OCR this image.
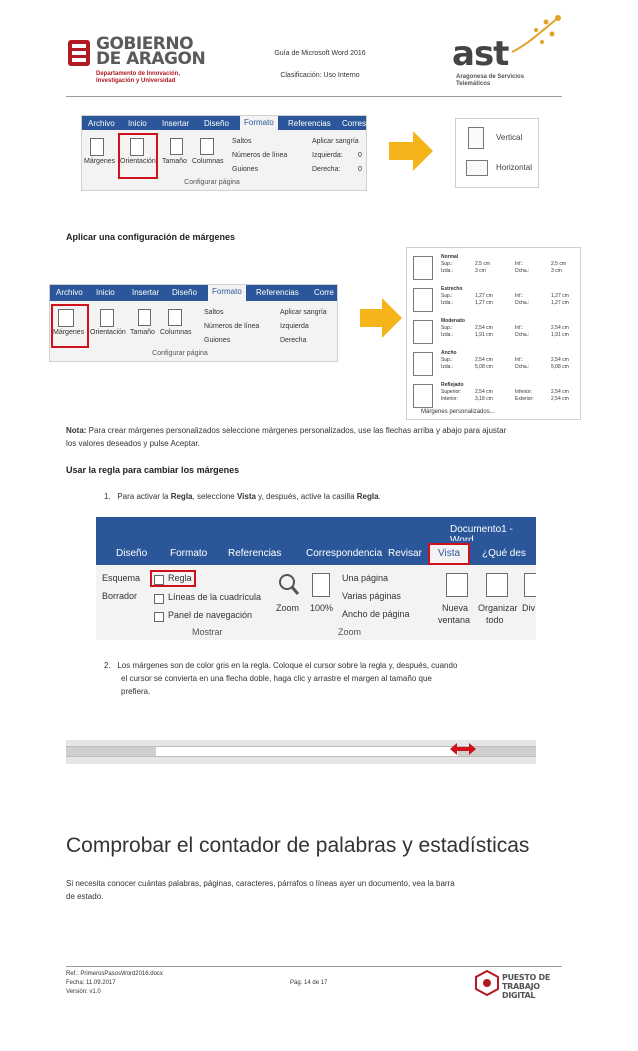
GOBIERNO
DE ARAGON
Departamento de Innovación,
Investigación y Universidad
Guía de Microsoft Word 2016
Clasificación: Uso Interno
ast
Aragonesa de Servicios
Telemáticos
Archivo Inicio Insertar Diseño	Formato	Referencias Corres
Márgenes Orientación Tamaño Columnas
Saltos
Números de línea
Guiones
Aplicar sangría
Izquierda: 0
Derecha:	0
Configurar página
Vertical
Horizontal
Aplicar una configuración de márgenes
Archivo Inicio Insertar Diseño	Formato	Referencias Corre
Márgenes Orientación Tamaño Columnas
Saltos
Números de línea
Guiones
Aplicar sangría
Izquierda
Derecha
Configurar página
Normal
Sup.:	2,5 cm	Inf.:	2,5 cm
Izda.:	3 cm	Dcha.:	3 cm
Estrecho
Sup.:	1,27 cm	Inf.:	1,27 cm
Izda.:	1,27 cm	Dcha.:	1,27 cm
Moderado
Sup.:	2,54 cm	Inf.:	2,54 cm
Izda.:	1,91 cm	Dcha.:	1,91 cm
Ancho
Sup.:	2,54 cm	Inf.:	2,54 cm
Izda.:	5,08 cm	Dcha.:	5,08 cm
Reflejado
Superior:	2,54 cm	Inferior:	2,54 cm
Interior:	3,18 cm	Exterior:	2,54 cm
Márgenes personalizados...
Nota: Para crear márgenes personalizados seleccione márgenes personalizados, use las flechas arriba y abajo para ajustar
los valores deseados y pulse Aceptar.
Usar la regla para cambiar los márgenes
1. Para activar la Regla, seleccione Vista y, después, active la casilla Regla.
Documento1 -
Diseño Formato Referencias Correspondencia Revisar Vista ¿Qué des
Esquema
Borrador
Regla
Líneas de la cuadrícula
Panel de navegación
Mostrar
Zoom 100%
Una página
Varias páginas
Ancho de página
Zoom
Nueva
ventana
Organizar
todo
Div
2. Los márgenes son de color gris en la regla. Coloque el cursor sobre la regla y, después, cuando
el cursor se convierta en una flecha doble, haga clic y arrastre el margen al tamaño que
prefiera.
Comprobar el contador de palabras y estadísticas
Si necesita conocer cuántas palabras, páginas, caracteres, párrafos o líneas ayer un documento, vea la barra
de estado.
Ref.: PrimerosPasosWord2016.docx
Fecha: 11.09.2017
Versión: v1.0
Pág. 14 de 17
PUESTO DE
TRABAJO DIGITAL
